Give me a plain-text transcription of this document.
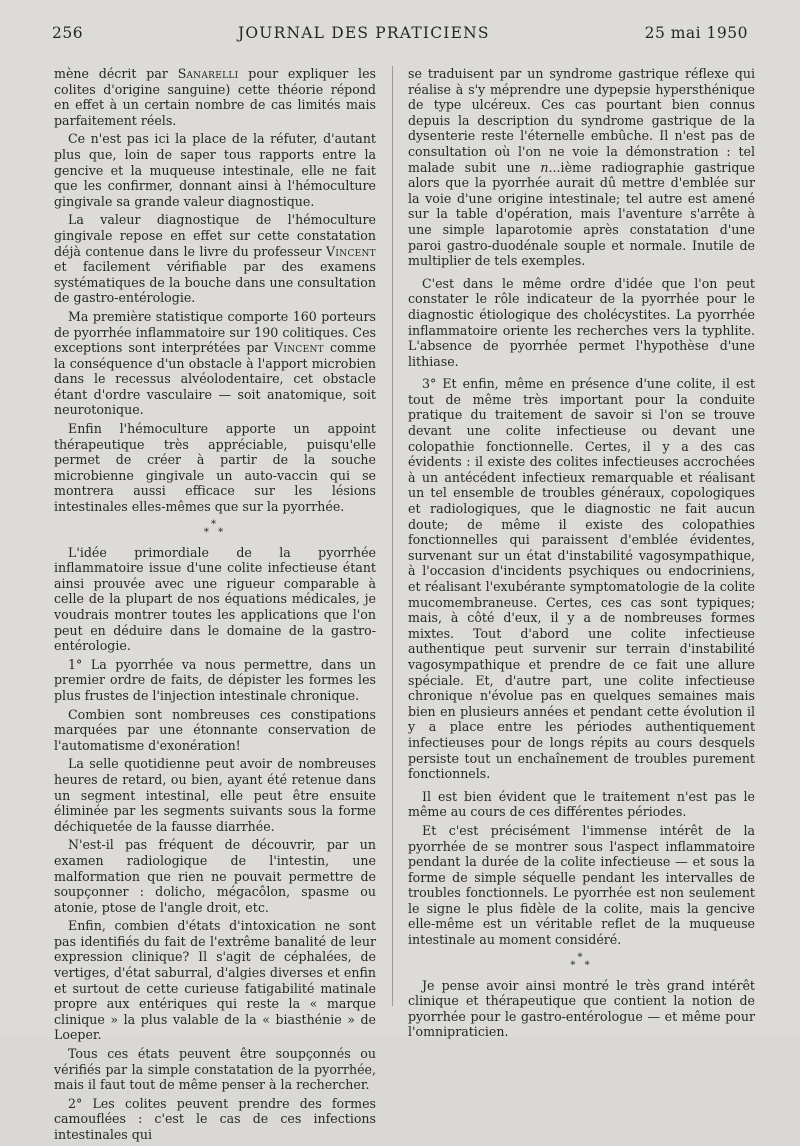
256	JOURNAL DES PRATICIENS	25 mai 1950

mène décrit par Sanarelli pour expliquer les colites d'origine sanguine) cette théorie répond en effet à un certain nombre de cas limités mais parfaitement réels.

Ce n'est pas ici la place de la réfuter, d'autant plus que, loin de saper tous rapports entre la gencive et la muqueuse intestinale, elle ne fait que les confirmer, donnant ainsi à l'hémoculture gingivale sa grande valeur diagnostique.

La valeur diagnostique de l'hémoculture gingivale repose en effet sur cette constatation déjà contenue dans le livre du professeur Vincent et facilement vérifiable par des examens systématiques de la bouche dans une consultation de gastro-entérologie.

Ma première statistique comporte 160 porteurs de pyorrhée inflammatoire sur 190 colitiques. Ces exceptions sont interprétées par Vincent comme la conséquence d'un obstacle à l'apport microbien dans le recessus alvéolodentaire, cet obstacle étant d'ordre vasculaire — soit anatomique, soit neurotonique.

Enfin l'hémoculture apporte un appoint thérapeutique très appréciable, puisqu'elle permet de créer à partir de la souche microbienne gingivale un auto-vaccin qui se montrera aussi efficace sur les lésions intestinales elles-mêmes que sur la pyorrhée.

*
* *

L'idée primordiale de la pyorrhée inflammatoire issue d'une colite infectieuse étant ainsi prouvée avec une rigueur comparable à celle de la plupart de nos équations médicales, je voudrais montrer toutes les applications que l'on peut en déduire dans le domaine de la gastro-entérologie.

1° La pyorrhée va nous permettre, dans un premier ordre de faits, de dépister les formes les plus frustes de l'injection intestinale chronique.

Combien sont nombreuses ces constipations marquées par une étonnante conservation de l'automatisme d'exonération!

La selle quotidienne peut avoir de nombreuses heures de retard, ou bien, ayant été retenue dans un segment intestinal, elle peut être ensuite éliminée par les segments suivants sous la forme déchiquetée de la fausse diarrhée.

N'est-il pas fréquent de découvrir, par un examen radiologique de l'intestin, une malformation que rien ne pouvait permettre de soupçonner : dolicho, mégacôlon, spasme ou atonie, ptose de l'angle droit, etc.

Enfin, combien d'états d'intoxication ne sont pas identifiés du fait de l'extrême banalité de leur expression clinique? Il s'agit de céphalées, de vertiges, d'état saburral, d'algies diverses et enfin et surtout de cette curieuse fatigabilité matinale propre aux entériques qui reste la « marque clinique » la plus valable de la « biasthénie » de Loeper.

Tous ces états peuvent être soupçonnés ou vérifiés par la simple constatation de la pyorrhée, mais il faut tout de même penser à la rechercher.

2° Les colites peuvent prendre des formes camouflées : c'est le cas de ces infections intestinales qui

se traduisent par un syndrome gastrique réflexe qui réalise à s'y méprendre une dypepsie hypersthénique de type ulcéreux. Ces cas pourtant bien connus depuis la description du syndrome gastrique de la dysenterie reste l'éternelle embûche. Il n'est pas de consultation où l'on ne voie la démonstration : tel malade subit une n...ième radiographie gastrique alors que la pyorrhée aurait dû mettre d'emblée sur la voie d'une origine intestinale; tel autre est amené sur la table d'opération, mais l'aventure s'arrête à une simple laparotomie après constatation d'une paroi gastro-duodénale souple et normale. Inutile de multiplier de tels exemples.

C'est dans le même ordre d'idée que l'on peut constater le rôle indicateur de la pyorrhée pour le diagnostic étiologique des cholécystites. La pyorrhée inflammatoire oriente les recherches vers la typhlite. L'absence de pyorrhée permet l'hypothèse d'une lithiase.

3° Et enfin, même en présence d'une colite, il est tout de même très important pour la conduite pratique du traitement de savoir si l'on se trouve devant une colite infectieuse ou devant une colopathie fonctionnelle. Certes, il y a des cas évidents : il existe des colites infectieuses accrochées à un antécédent infectieux remarquable et réalisant un tel ensemble de troubles généraux, copologiques et radiologiques, que le diagnostic ne fait aucun doute; de même il existe des colopathies fonctionnelles qui paraissent d'emblée évidentes, survenant sur un état d'instabilité vagosympathique, à l'occasion d'incidents psychiques ou endocriniens, et réalisant l'exubérante symptomatologie de la colite mucomembraneuse. Certes, ces cas sont typiques; mais, à côté d'eux, il y a de nombreuses formes mixtes. Tout d'abord une colite infectieuse authentique peut survenir sur terrain d'instabilité vagosympathique et prendre de ce fait une allure spéciale. Et, d'autre part, une colite infectieuse chronique n'évolue pas en quelques semaines mais bien en plusieurs années et pendant cette évolution il y a place entre les périodes authentiquement infectieuses pour de longs répits au cours desquels persiste tout un enchaînement de troubles purement fonctionnels.

Il est bien évident que le traitement n'est pas le même au cours de ces différentes périodes.

Et c'est précisément l'immense intérêt de la pyorrhée de se montrer sous l'aspect inflammatoire pendant la durée de la colite infectieuse — et sous la forme de simple séquelle pendant les intervalles de troubles fonctionnels. Le pyorrhée est non seulement le signe le plus fidèle de la colite, mais la gencive elle-même est un véritable reflet de la muqueuse intestinale au moment considéré.

*
* *

Je pense avoir ainsi montré le très grand intérêt clinique et thérapeutique que contient la notion de pyorrhée pour le gastro-entérologue — et même pour l'omnipraticien.
